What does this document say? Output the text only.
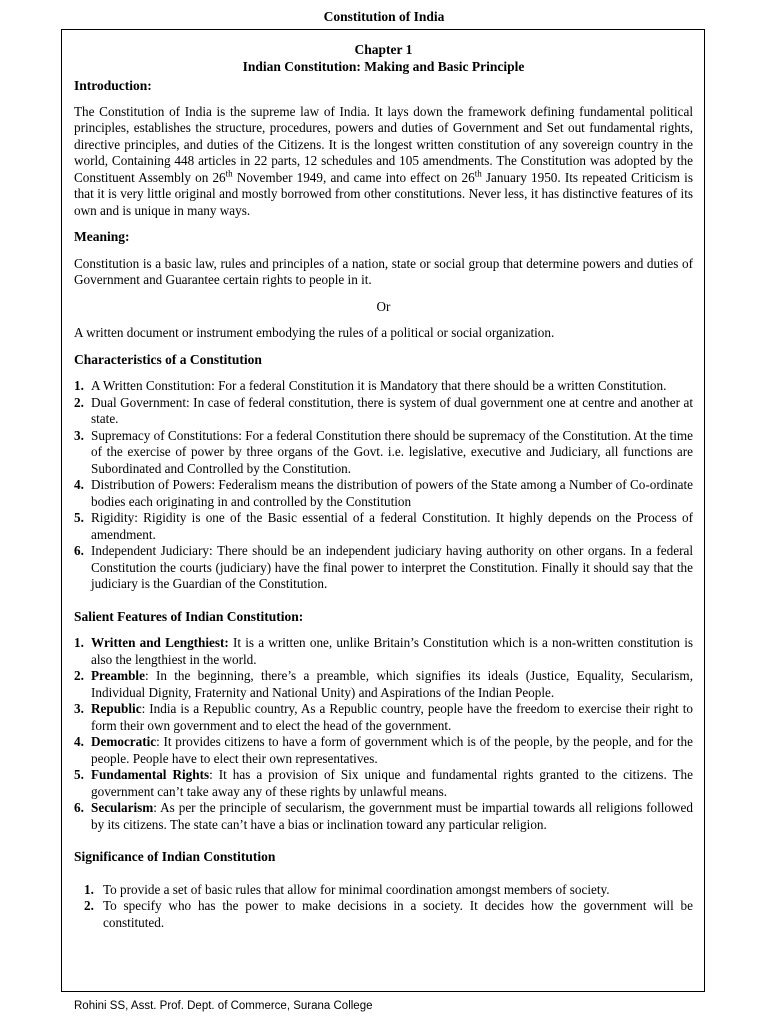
Constitution of India
Chapter 1
Indian Constitution: Making and Basic Principle
Introduction:

The Constitution of India is the supreme law of India. It lays down the framework defining fundamental political principles, establishes the structure, procedures, powers and duties of Government and Set out fundamental rights, directive principles, and duties of the Citizens. It is the longest written constitution of any sovereign country in the world, Containing 448 articles in 22 parts, 12 schedules and 105 amendments. The Constitution was adopted by the Constituent Assembly on 26th November 1949, and came into effect on 26th January 1950. Its repeated Criticism is that it is very little original and mostly borrowed from other constitutions. Never less, it has distinctive features of its own and is unique in many ways.

Meaning:

Constitution is a basic law, rules and principles of a nation, state or social group that determine powers and duties of Government and Guarantee certain rights to people in it.

Or

A written document or instrument embodying the rules of a political or social organization.

Characteristics of a Constitution
1. A Written Constitution: For a federal Constitution it is Mandatory that there should be a written Constitution.
2. Dual Government: In case of federal constitution, there is system of dual government one at centre and another at state.
3. Supremacy of Constitutions: For a federal Constitution there should be supremacy of the Constitution. At the time of the exercise of power by three organs of the Govt. i.e. legislative, executive and Judiciary, all functions are Subordinated and Controlled by the Constitution.
4. Distribution of Powers: Federalism means the distribution of powers of the State among a Number of Co-ordinate bodies each originating in and controlled by the Constitution
5. Rigidity: Rigidity is one of the Basic essential of a federal Constitution. It highly depends on the Process of amendment.
6. Independent Judiciary: There should be an independent judiciary having authority on other organs. In a federal Constitution the courts (judiciary) have the final power to interpret the Constitution. Finally it should say that the judiciary is the Guardian of the Constitution.
Salient Features of Indian Constitution:
1. Written and Lengthiest: It is a written one, unlike Britain’s Constitution which is a non-written constitution is also the lengthiest in the world.
2. Preamble: In the beginning, there’s a preamble, which signifies its ideals (Justice, Equality, Secularism, Individual Dignity, Fraternity and National Unity) and Aspirations of the Indian People.
3. Republic: India is a Republic country, As a Republic country, people have the freedom to exercise their right to form their own government and to elect the head of the government.
4. Democratic: It provides citizens to have a form of government which is of the people, by the people, and for the people. People have to elect their own representatives.
5. Fundamental Rights: It has a provision of Six unique and fundamental rights granted to the citizens. The government can’t take away any of these rights by unlawful means.
6. Secularism: As per the principle of secularism, the government must be impartial towards all religions followed by its citizens. The state can’t have a bias or inclination toward any particular religion.
Significance of Indian Constitution
1. To provide a set of basic rules that allow for minimal coordination amongst members of society.
2. To specify who has the power to make decisions in a society. It decides how the government will be constituted.
Rohini SS, Asst. Prof. Dept. of Commerce, Surana College
